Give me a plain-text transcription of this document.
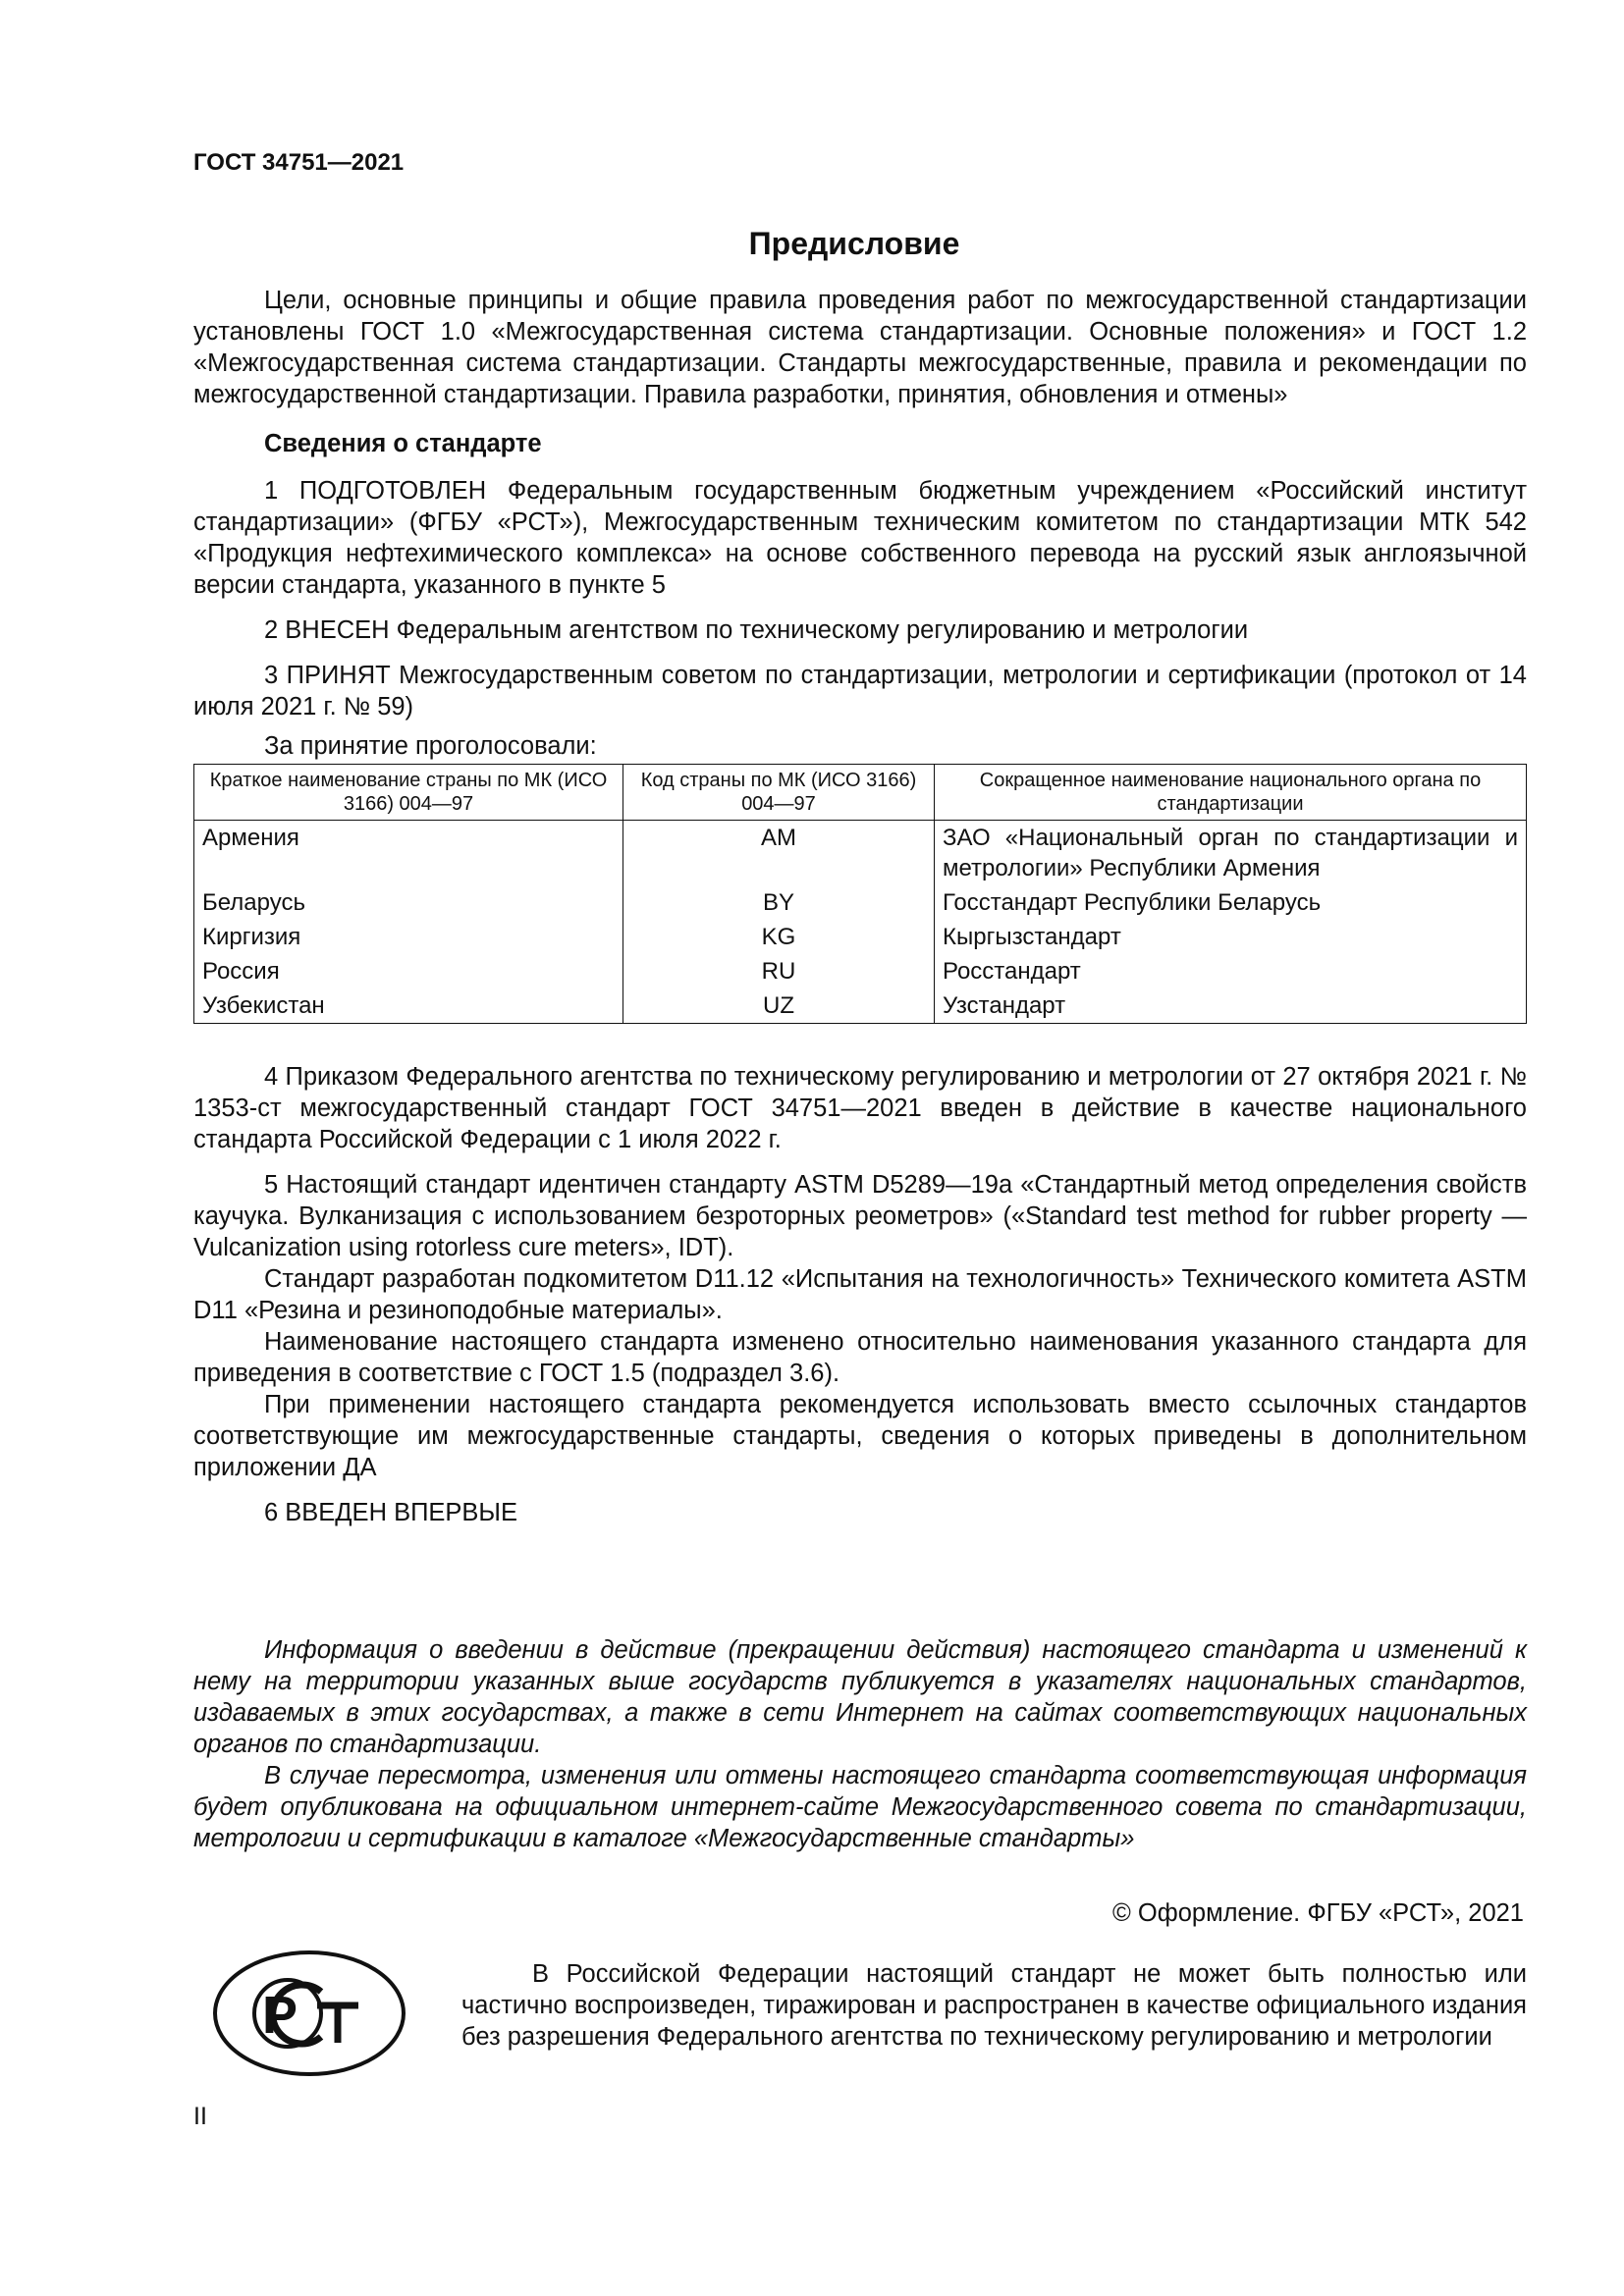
ГОСТ 34751—2021
Предисловие

Цели, основные принципы и общие правила проведения работ по межгосударственной стандартизации установлены ГОСТ 1.0 «Межгосударственная система стандартизации. Основные положения» и ГОСТ 1.2 «Межгосударственная система стандартизации. Стандарты межгосударственные, правила и рекомендации по межгосударственной стандартизации. Правила разработки, принятия, обновления и отмены»

Сведения о стандарте

1 ПОДГОТОВЛЕН Федеральным государственным бюджетным учреждением «Российский институт стандартизации» (ФГБУ «РСТ»), Межгосударственным техническим комитетом по стандартизации МТК 542 «Продукция нефтехимического комплекса» на основе собственного перевода на русский язык англоязычной версии стандарта, указанного в пункте 5

2 ВНЕСЕН Федеральным агентством по техническому регулированию и метрологии

3 ПРИНЯТ Межгосударственным советом по стандартизации, метрологии и сертификации (протокол от 14 июля 2021 г. № 59)

За принятие проголосовали:
Краткое наименование страны по МК (ИСО 3166) 004—97	Код страны по МК (ИСО 3166) 004—97	Сокращенное наименование национального органа по стандартизации
Армения	AM	ЗАО «Национальный орган по стандартизации и метрологии» Республики Армения
Беларусь	BY	Госстандарт Республики Беларусь
Киргизия	KG	Кыргызстандарт
Россия	RU	Росстандарт
Узбекистан	UZ	Узстандарт

4 Приказом Федерального агентства по техническому регулированию и метрологии от 27 октября 2021 г. № 1353-ст межгосударственный стандарт ГОСТ 34751—2021 введен в действие в качестве национального стандарта Российской Федерации с 1 июля 2022 г.

5 Настоящий стандарт идентичен стандарту ASTM D5289—19a «Стандартный метод определения свойств каучука. Вулканизация с использованием безроторных реометров» («Standard test method for rubber property — Vulcanization using rotorless cure meters», IDT).

Стандарт разработан подкомитетом D11.12 «Испытания на технологичность» Технического комитета ASTM D11 «Резина и резиноподобные материалы».

Наименование настоящего стандарта изменено относительно наименования указанного стандарта для приведения в соответствие с ГОСТ 1.5 (подраздел 3.6).

При применении настоящего стандарта рекомендуется использовать вместо ссылочных стандартов соответствующие им межгосударственные стандарты, сведения о которых приведены в дополнительном приложении ДА

6 ВВЕДЕН ВПЕРВЫЕ

Информация о введении в действие (прекращении действия) настоящего стандарта и изменений к нему на территории указанных выше государств публикуется в указателях национальных стандартов, издаваемых в этих государствах, а также в сети Интернет на сайтах соответствующих национальных органов по стандартизации.

В случае пересмотра, изменения или отмены настоящего стандарта соответствующая информация будет опубликована на официальном интернет-сайте Межгосударственного совета по стандартизации, метрологии и сертификации в каталоге «Межгосударственные стандарты»

© Оформление. ФГБУ «РСТ», 2021
Р

В Российской Федерации настоящий стандарт не может быть полностью или частично воспроизведен, тиражирован и распространен в качестве официального издания без разрешения Федерального агентства по техническому регулированию и метрологии

II
